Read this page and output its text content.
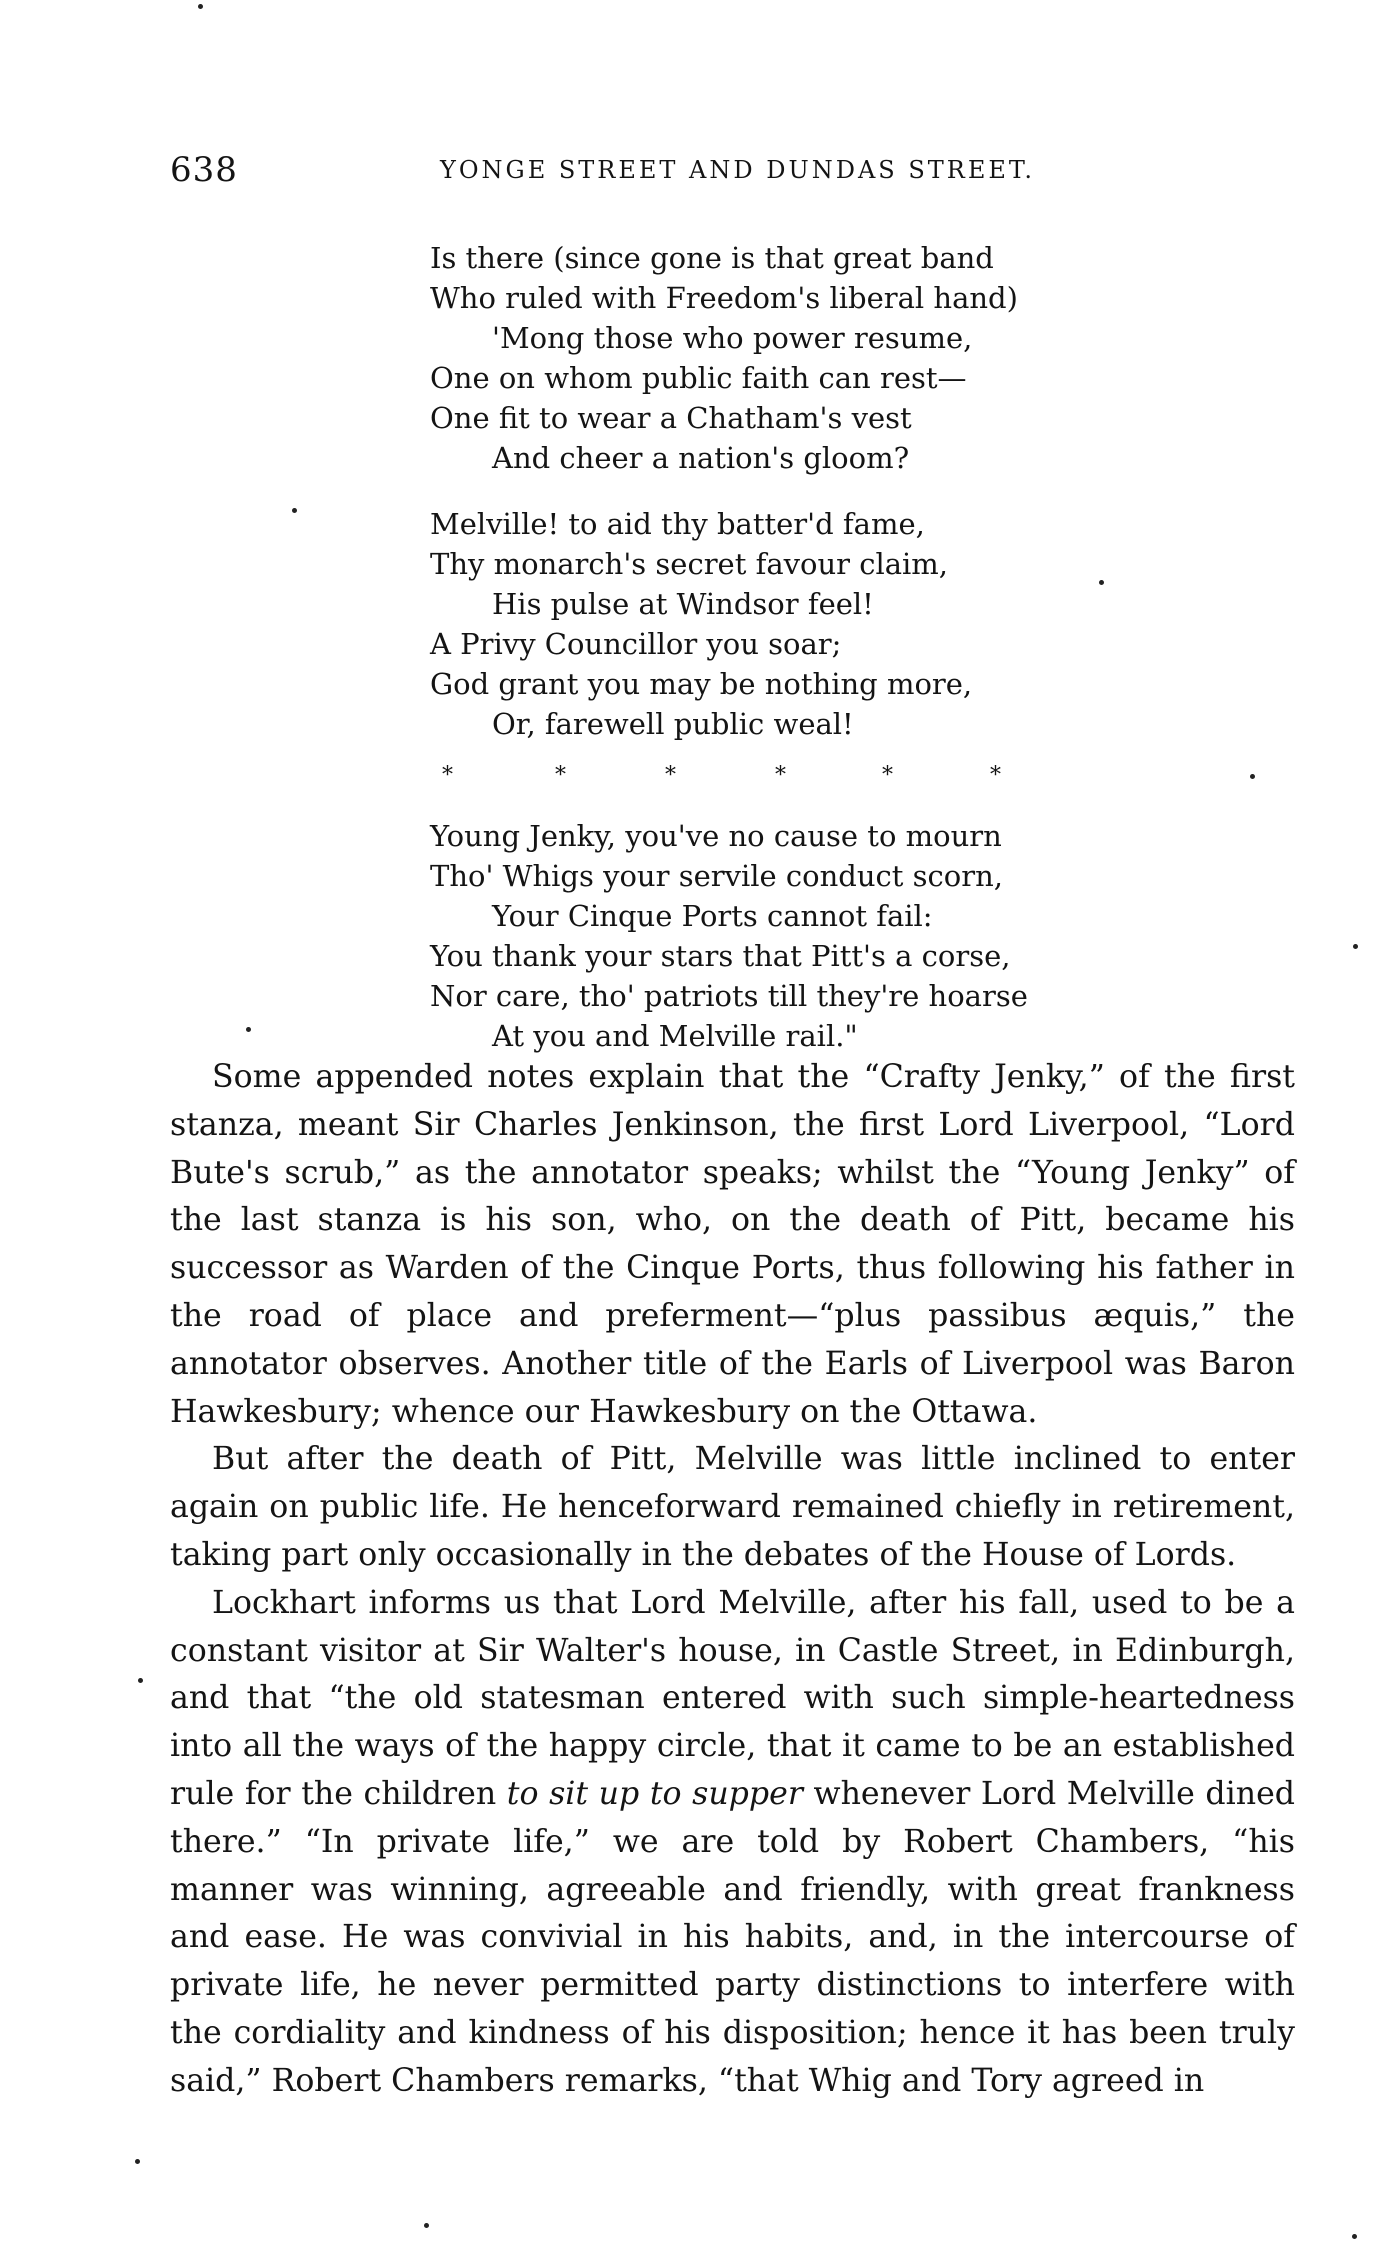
638	YONGE STREET AND DUNDAS STREET.
Is there (since gone is that great band
Who ruled with Freedom's liberal hand)
'Mong those who power resume,
One on whom public faith can rest—
One fit to wear a Chatham's vest
And cheer a nation's gloom?
Melville! to aid thy batter'd fame,
Thy monarch's secret favour claim,
His pulse at Windsor feel!
A Privy Councillor you soar;
God grant you may be nothing more,
Or, farewell public weal!
*	*	*	*	*	*
Young Jenky, you've no cause to mourn
Tho' Whigs your servile conduct scorn,
Your Cinque Ports cannot fail:
You thank your stars that Pitt's a corse,
Nor care, tho' patriots till they're hoarse
At you and Melville rail."

Some appended notes explain that the “Crafty Jenky,” of the first stanza, meant Sir Charles Jenkinson, the first Lord Liverpool, “Lord Bute's scrub,” as the annotator speaks; whilst the “Young Jenky” of the last stanza is his son, who, on the death of Pitt, became his successor as Warden of the Cinque Ports, thus following his father in the road of place and preferment—“plus passibus æquis,” the annotator observes. Another title of the Earls of Liverpool was Baron Hawkesbury; whence our Hawkesbury on the Ottawa.

But after the death of Pitt, Melville was little inclined to enter again on public life. He henceforward remained chiefly in retirement, taking part only occasionally in the debates of the House of Lords.

Lockhart informs us that Lord Melville, after his fall, used to be a constant visitor at Sir Walter's house, in Castle Street, in Edinburgh, and that “the old statesman entered with such simple-heartedness into all the ways of the happy circle, that it came to be an established rule for the children to sit up to supper whenever Lord Melville dined there.” “In private life,” we are told by Robert Chambers, “his manner was winning, agreeable and friendly, with great frankness and ease. He was convivial in his habits, and, in the intercourse of private life, he never permitted party distinctions to interfere with the cordiality and kindness of his disposition; hence it has been truly said,” Robert Chambers remarks, “that Whig and Tory agreed in
